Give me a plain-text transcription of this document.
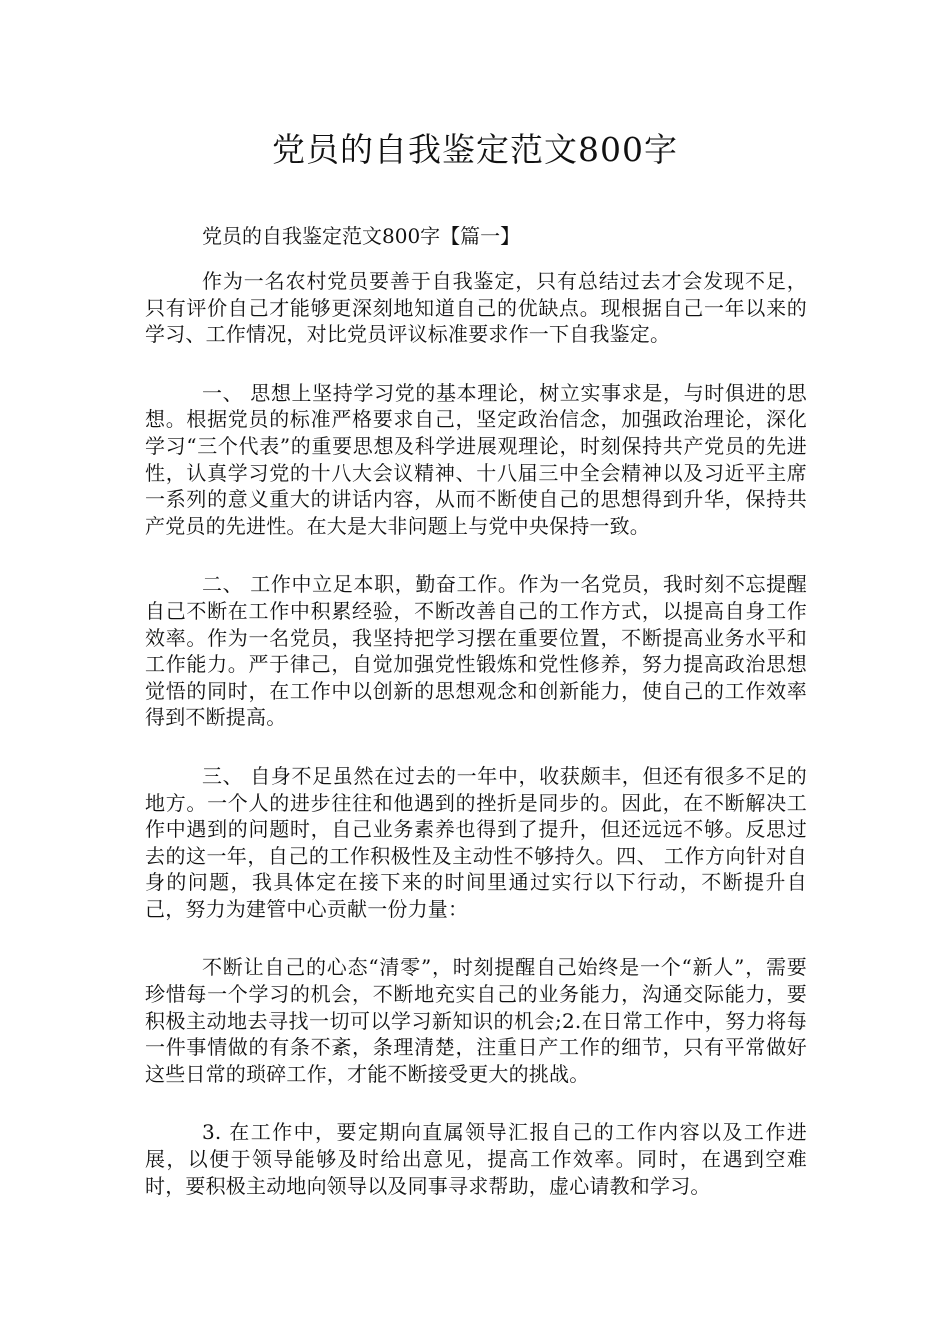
党员的自我鉴定范文800字

党员的自我鉴定范文800字【篇一】

作为一名农村党员要善于自我鉴定，只有总结过去才会发现不足，只有评价自己才能够更深刻地知道自己的优缺点。现根据自己一年以来的学习、工作情况，对比党员评议标准要求作一下自我鉴定。

一、 思想上坚持学习党的基本理论，树立实事求是，与时俱进的思想。根据党员的标准严格要求自己，坚定政治信念，加强政治理论，深化学习“三个代表”的重要思想及科学进展观理论，时刻保持共产党员的先进性，认真学习党的十八大会议精神、十八届三中全会精神以及习近平主席一系列的意义重大的讲话内容，从而不断使自己的思想得到升华，保持共产党员的先进性。在大是大非问题上与党中央保持一致。

二、 工作中立足本职，勤奋工作。作为一名党员，我时刻不忘提醒自己不断在工作中积累经验，不断改善自己的工作方式，以提高自身工作效率。作为一名党员，我坚持把学习摆在重要位置，不断提高业务水平和工作能力。严于律己，自觉加强党性锻炼和党性修养，努力提高政治思想觉悟的同时，在工作中以创新的思想观念和创新能力，使自己的工作效率得到不断提高。

三、 自身不足虽然在过去的一年中，收获颇丰，但还有很多不足的地方。一个人的进步往往和他遇到的挫折是同步的。因此，在不断解决工作中遇到的问题时，自己业务素养也得到了提升，但还远远不够。反思过去的这一年，自己的工作积极性及主动性不够持久。四、 工作方向针对自身的问题，我具体定在接下来的时间里通过实行以下行动，不断提升自己，努力为建管中心贡献一份力量：

不断让自己的心态“清零”，时刻提醒自己始终是一个“新人”，需要珍惜每一个学习的机会，不断地充实自己的业务能力，沟通交际能力，要积极主动地去寻找一切可以学习新知识的机会;2.在日常工作中，努力将每一件事情做的有条不紊，条理清楚，注重日产工作的细节，只有平常做好这些日常的琐碎工作，才能不断接受更大的挑战。

3. 在工作中，要定期向直属领导汇报自己的工作内容以及工作进展，以便于领导能够及时给出意见，提高工作效率。同时，在遇到空难时，要积极主动地向领导以及同事寻求帮助，虚心请教和学习。
